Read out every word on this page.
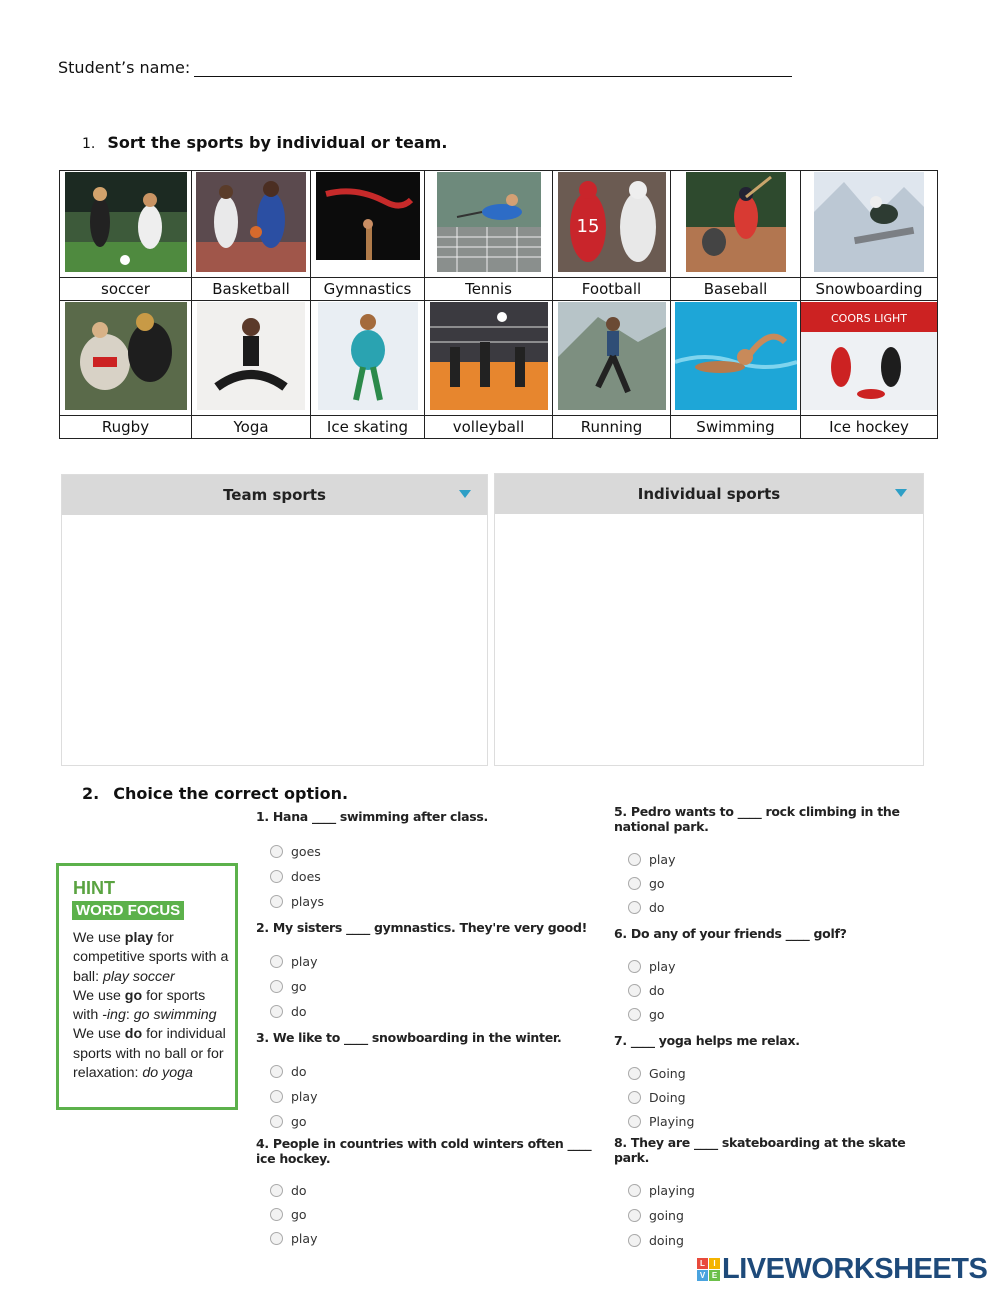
Student’s name:
1. Sort the sports by individual or team.

15

soccer	Basketball	Gymnastics	Tennis	Football	Baseball	Snowboarding

COORS LIGHT

Rugby	Yoga	Ice skating	volleyball	Running	Swimming	Ice hockey
Team sports	Individual sports
2. Choice the correct option.
1. Hana ____ swimming after class.
goes
does
plays
2. My sisters ____ gymnastics. They're very good!
play
go
do
3. We like to ____ snowboarding in the winter.
do
play
go
4. People in countries with cold winters often ____ ice hockey.
do
go
play
5. Pedro wants to ____ rock climbing in the national park.
play
go
do
6. Do any of your friends ____ golf?
play
do
go
7. ____ yoga helps me relax.
Going
Doing
Playing
8. They are ____ skateboarding at the skate park.
playing
going
doing
HINT
WORD FOCUS
We use play for competitive sports with a ball: play soccer
We use go for sports with -ing: go swimming
We use do for individual sports with no ball or for relaxation: do yoga
L	I
V E LIVEWORKSHEETS
